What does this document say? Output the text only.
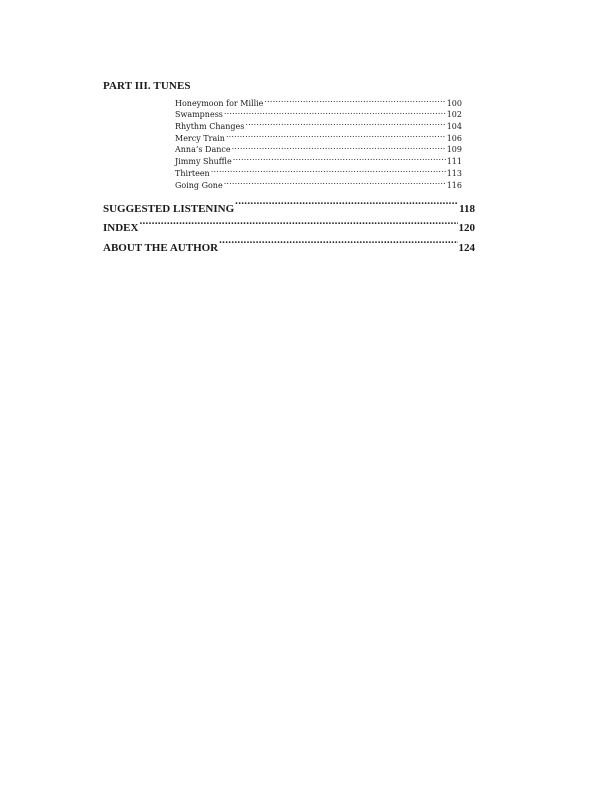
PART III. TUNES
Honeymoon for Millie .....	100
Swampness .....	102
Rhythm Changes .....	104
Mercy Train .....	106
Anna’s Dance .....	109
Jimmy Shuffle .....	111
Thirteen .....	113
Going Gone .....	116
SUGGESTED LISTENING .....	118
INDEX .....	120
ABOUT THE AUTHOR .....	124
